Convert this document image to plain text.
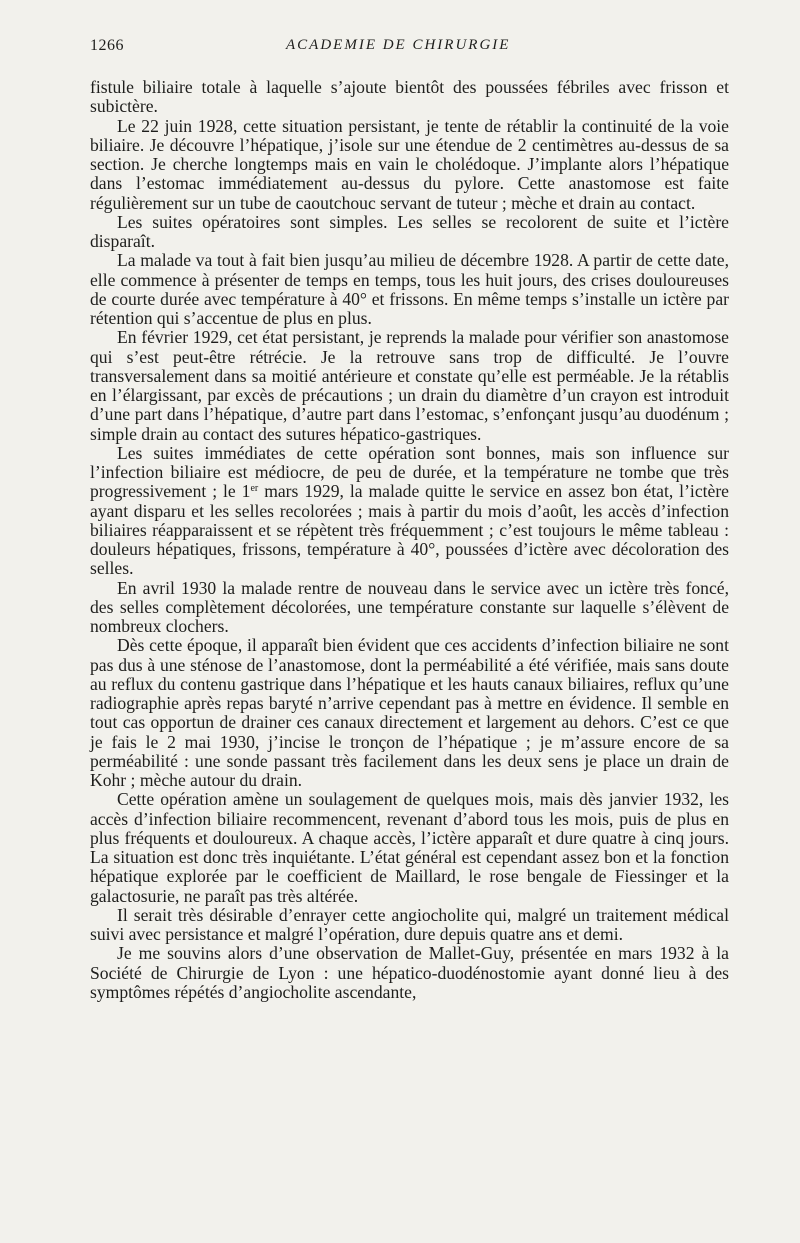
1266	ACADEMIE DE CHIRURGIE

fistule biliaire totale à laquelle s’ajoute bientôt des poussées fébriles avec frisson et subictère.

Le 22 juin 1928, cette situation persistant, je tente de rétablir la continuité de la voie biliaire. Je découvre l’hépatique, j’isole sur une étendue de 2 centimètres au-dessus de sa section. Je cherche longtemps mais en vain le cholédoque. J’implante alors l’hépatique dans l’estomac immédiatement au-dessus du pylore. Cette anastomose est faite régulièrement sur un tube de caoutchouc servant de tuteur ; mèche et drain au contact.

Les suites opératoires sont simples. Les selles se recolorent de suite et l’ictère disparaît.

La malade va tout à fait bien jusqu’au milieu de décembre 1928. A partir de cette date, elle commence à présenter de temps en temps, tous les huit jours, des crises douloureuses de courte durée avec température à 40° et frissons. En même temps s’installe un ictère par rétention qui s’accentue de plus en plus.

En février 1929, cet état persistant, je reprends la malade pour vérifier son anastomose qui s’est peut-être rétrécie. Je la retrouve sans trop de difficulté. Je l’ouvre transversalement dans sa moitié antérieure et constate qu’elle est perméable. Je la rétablis en l’élargissant, par excès de précautions ; un drain du diamètre d’un crayon est introduit d’une part dans l’hépatique, d’autre part dans l’estomac, s’enfonçant jusqu’au duodénum ; simple drain au contact des sutures hépatico-gastriques.

Les suites immédiates de cette opération sont bonnes, mais son influence sur l’infection biliaire est médiocre, de peu de durée, et la température ne tombe que très progressivement ; le 1er mars 1929, la malade quitte le service en assez bon état, l’ictère ayant disparu et les selles recolorées ; mais à partir du mois d’août, les accès d’infection biliaires réapparaissent et se répètent très fréquemment ; c’est toujours le même tableau : douleurs hépatiques, frissons, température à 40°, poussées d’ictère avec décoloration des selles.

En avril 1930 la malade rentre de nouveau dans le service avec un ictère très foncé, des selles complètement décolorées, une température constante sur laquelle s’élèvent de nombreux clochers.

Dès cette époque, il apparaît bien évident que ces accidents d’infection biliaire ne sont pas dus à une sténose de l’anastomose, dont la perméabilité a été vérifiée, mais sans doute au reflux du contenu gastrique dans l’hépatique et les hauts canaux biliaires, reflux qu’une radiographie après repas baryté n’arrive cependant pas à mettre en évidence. Il semble en tout cas opportun de drainer ces canaux directement et largement au dehors. C’est ce que je fais le 2 mai 1930, j’incise le tronçon de l’hépatique ; je m’assure encore de sa perméabilité : une sonde passant très facilement dans les deux sens je place un drain de Kohr ; mèche autour du drain.

Cette opération amène un soulagement de quelques mois, mais dès janvier 1932, les accès d’infection biliaire recommencent, revenant d’abord tous les mois, puis de plus en plus fréquents et douloureux. A chaque accès, l’ictère apparaît et dure quatre à cinq jours. La situation est donc très inquiétante. L’état général est cependant assez bon et la fonction hépatique explorée par le coefficient de Maillard, le rose bengale de Fiessinger et la galactosurie, ne paraît pas très altérée.

Il serait très désirable d’enrayer cette angiocholite qui, malgré un traitement médical suivi avec persistance et malgré l’opération, dure depuis quatre ans et demi.

Je me souvins alors d’une observation de Mallet-Guy, présentée en mars 1932 à la Société de Chirurgie de Lyon : une hépatico-duodénostomie ayant donné lieu à des symptômes répétés d’angiocholite ascendante,
